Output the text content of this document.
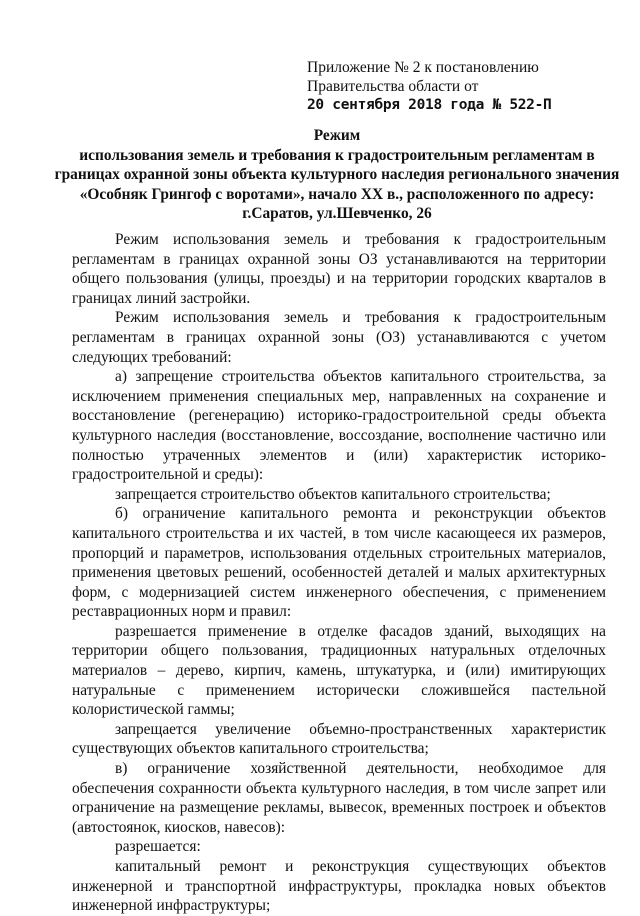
Приложение № 2 к постановлению
Правительства области от
20 сентября 2018 года № 522-П
Режим
использования земель и требования к градостроительным регламентам в границах охранной зоны объекта культурного наследия регионального значения «Особняк Грингоф с воротами», начало XX в., расположенного по адресу: г.Саратов, ул.Шевченко, 26

Режим использования земель и требования к градостроительным регламентам в границах охранной зоны ОЗ устанавливаются на территории общего пользования (улицы, проезды) и на территории городских кварталов в границах линий застройки.

Режим использования земель и требования к градостроительным регламентам в границах охранной зоны (ОЗ) устанавливаются с учетом следующих требований:

а) запрещение строительства объектов капитального строительства, за исключением применения специальных мер, направленных на сохранение и восстановление (регенерацию) историко-градостроительной среды объекта культурного наследия (восстановление, воссоздание, восполнение частично или полностью утраченных элементов и (или) характеристик историко-градостроительной и среды):

запрещается строительство объектов капитального строительства;

б) ограничение капитального ремонта и реконструкции объектов капитального строительства и их частей, в том числе касающееся их размеров, пропорций и параметров, использования отдельных строительных материалов, применения цветовых решений, особенностей деталей и малых архитектурных форм, с модернизацией систем инженерного обеспечения, с применением реставрационных норм и правил:

разрешается применение в отделке фасадов зданий, выходящих на территории общего пользования, традиционных натуральных отделочных материалов – дерево, кирпич, камень, штукатурка, и (или) имитирующих натуральные с применением исторически сложившейся пастельной колористической гаммы;

запрещается увеличение объемно-пространственных характеристик существующих объектов капитального строительства;

в) ограничение хозяйственной деятельности, необходимое для обеспечения сохранности объекта культурного наследия, в том числе запрет или ограничение на размещение рекламы, вывесок, временных построек и объектов (автостоянок, киосков, навесов):

разрешается:

капитальный ремонт и реконструкция существующих объектов инженерной и транспортной инфраструктуры, прокладка новых объектов инженерной инфраструктуры;
